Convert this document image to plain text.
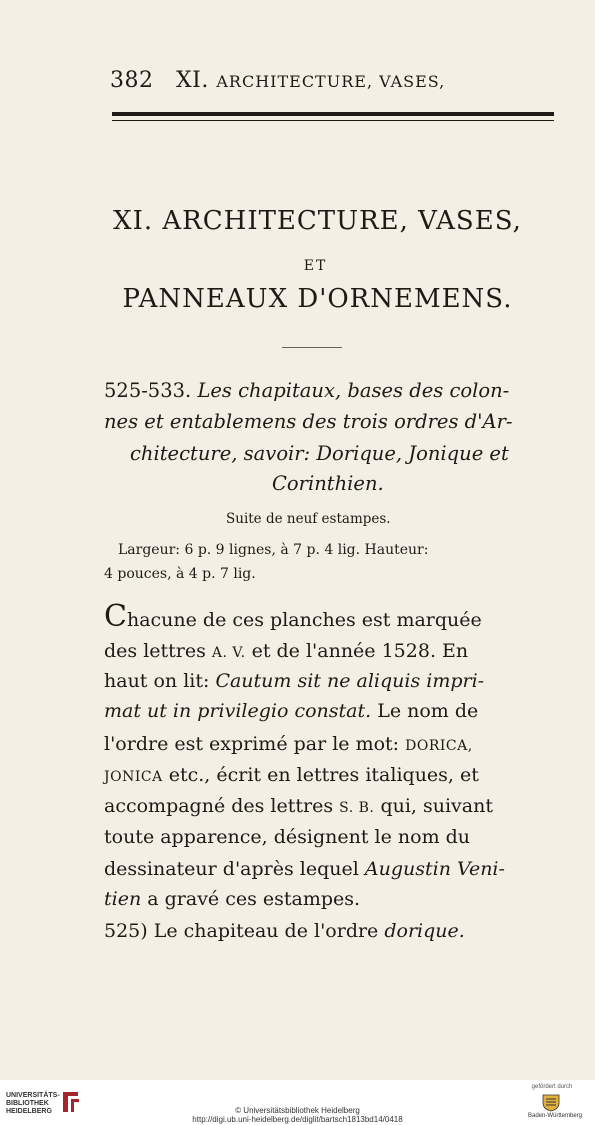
382 XI. ARCHITECTURE, VASES,
XI. ARCHITECTURE, VASES,
ET
PANNEAUX D'ORNEMENS.
525-533. Les chapitaux, bases des colon-
nes et entablemens des trois ordres d'Ar-
chitecture, savoir: Dorique, Jonique et
Corinthien.
Suite de neuf estampes.
Largeur: 6 p. 9 lignes, à 7 p. 4 lig. Hauteur:
4 pouces, à 4 p. 7 lig.
Chacune de ces planches est marquée
des lettres A. V. et de l'année 1528. En
haut on lit: Cautum sit ne aliquis impri-
mat ut in privilegio constat. Le nom de
l'ordre est exprimé par le mot: DORICA,
JONICA etc., écrit en lettres italiques, et
accompagné des lettres S. B. qui, suivant
toute apparence, désignent le nom du
dessinateur d'après lequel Augustin Veni-
tien a gravé ces estampes.
525) Le chapiteau de l'ordre dorique.
UNIVERSITÄTS-
BIBLIOTHEK
HEIDELBERG	© Universitätsbibliothek Heidelberg
http://digi.ub.uni-heidelberg.de/diglit/bartsch1813bd14/0418
gefördert durch
Baden-Württemberg
